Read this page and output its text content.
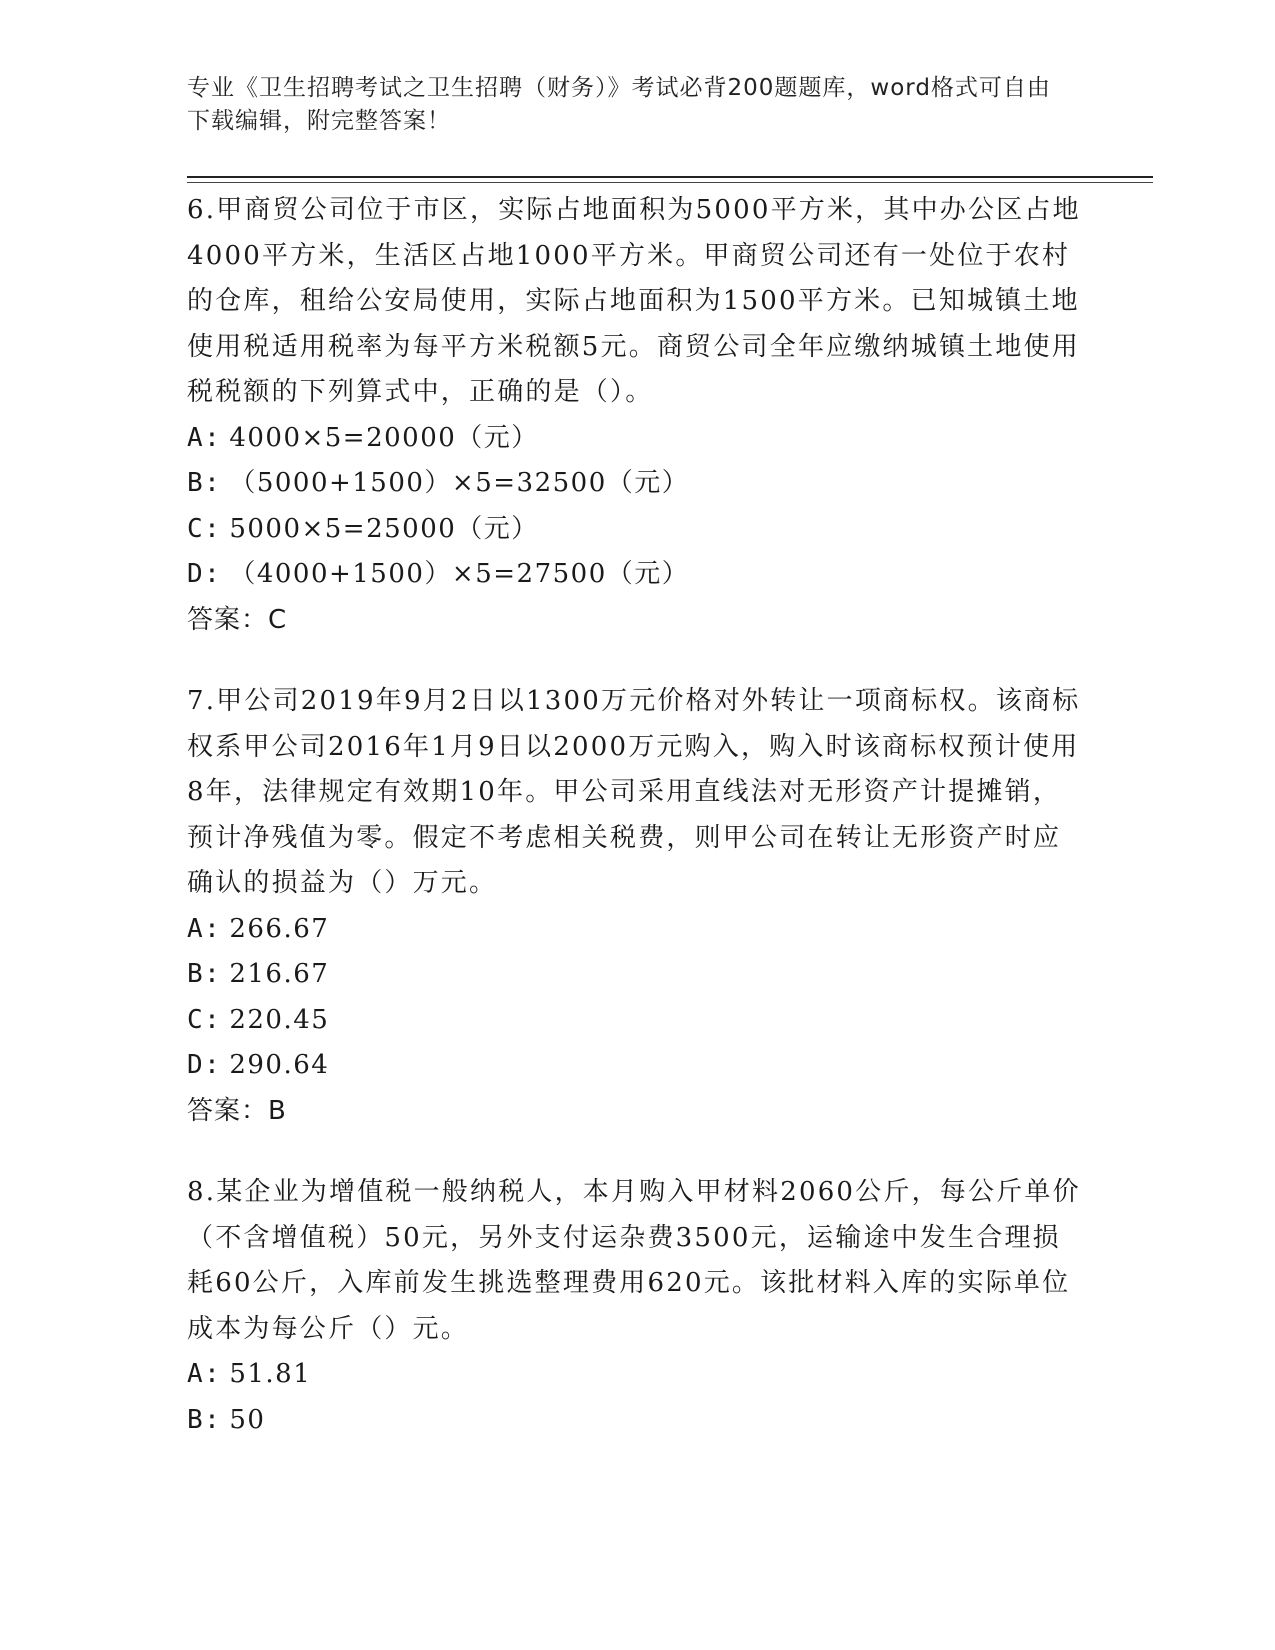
专业《卫生招聘考试之卫生招聘（财务）》考试必背200题题库，word格式可自由下载编辑，附完整答案！

6.甲商贸公司位于市区，实际占地面积为5000平方米，其中办公区占地4000平方米，生活区占地1000平方米。甲商贸公司还有一处位于农村的仓库，租给公安局使用，实际占地面积为1500平方米。已知城镇土地使用税适用税率为每平方米税额5元。商贸公司全年应缴纳城镇土地使用税税额的下列算式中，正确的是（）。

A: 4000×5=20000（元）

B: （5000+1500）×5=32500（元）

C: 5000×5=25000（元）

D: （4000+1500）×5=27500（元）

答案：C

7.甲公司2019年9月2日以1300万元价格对外转让一项商标权。该商标权系甲公司2016年1月9日以2000万元购入，购入时该商标权预计使用8年，法律规定有效期10年。甲公司采用直线法对无形资产计提摊销，预计净残值为零。假定不考虑相关税费，则甲公司在转让无形资产时应确认的损益为（）万元。

A: 266.67

B: 216.67

C: 220.45

D: 290.64

答案：B

8.某企业为增值税一般纳税人，本月购入甲材料2060公斤，每公斤单价（不含增值税）50元，另外支付运杂费3500元，运输途中发生合理损耗60公斤，入库前发生挑选整理费用620元。该批材料入库的实际单位成本为每公斤（）元。

A: 51.81

B: 50
